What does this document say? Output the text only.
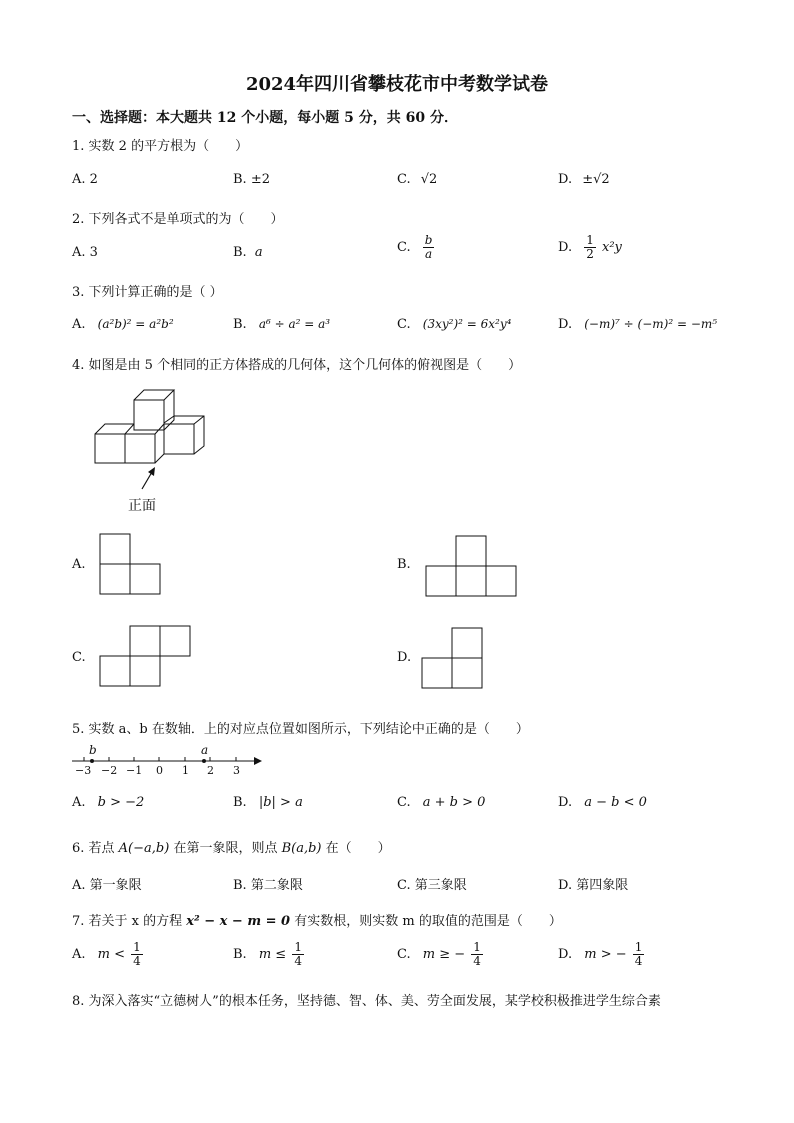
2024年四川省攀枝花市中考数学试卷
一、选择题：本大题共 12 个小题，每小题 5 分，共 60 分．
1. 实数 2 的平方根为（　　）
A. 2	B. ±2	C. √2	D. ±√2
2. 下列各式不是单项式的为（　　）
A. 3	B. a	C. $\frac{b}{a}$	D. $\frac{1}{2} x^2y$
3. 下列计算正确的是（ ）
A. (a²b)² = a²b²	B. a⁶ ÷ a² = a³	C. (3xy²)² = 6x²y⁴	D. (−m)⁷ ÷ (−m)² = −m⁵
4. 如图是由 5 个相同的正方体搭成的几何体，这个几何体的俯视图是（　　）
正面
A.	B.
C.	D.
5. 实数 a、b 在数轴．上的对应点位置如图所示，下列结论中正确的是（　　）
b	a
−3 −2 −1 0 1 2 3
A. b > −2	B. |b| > a	C. a + b > 0	D. a − b < 0
6. 若点 A(−a,b) 在第一象限，则点 B(a,b) 在（　　）
A. 第一象限	B. 第二象限	C. 第三象限	D. 第四象限
7. 若关于 x 的方程 x² − x − m = 0 有实数根，则实数 m 的取值的范围是（　　）
A. $m < \frac{1}{4}$	B. $m \le \frac{1}{4}$	C. m ≥ − $\frac{1}{4}$	D. m > − $\frac{1}{4}$
8. 为深入落实“立德树人”的根本任务，坚持德、智、体、美、劳全面发展，某学校积极推进学生综合素
